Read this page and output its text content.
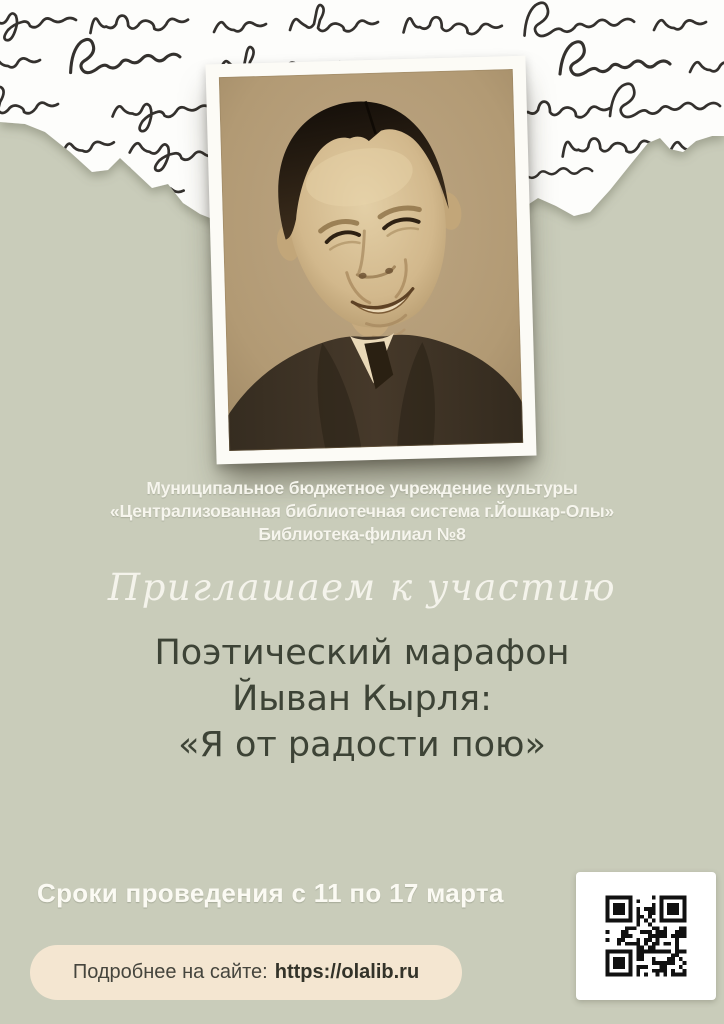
Муниципальное бюджетное учреждение культуры
«Централизованная библиотечная система г.Йошкар-Олы»
Библиотека-филиал №8
Приглашаем к участию
Поэтический марафон
Йыван Кырля:
«Я от радости пою»
Сроки проведения с 11 по 17 марта
Подробнее на сайте: https://olalib.ru
